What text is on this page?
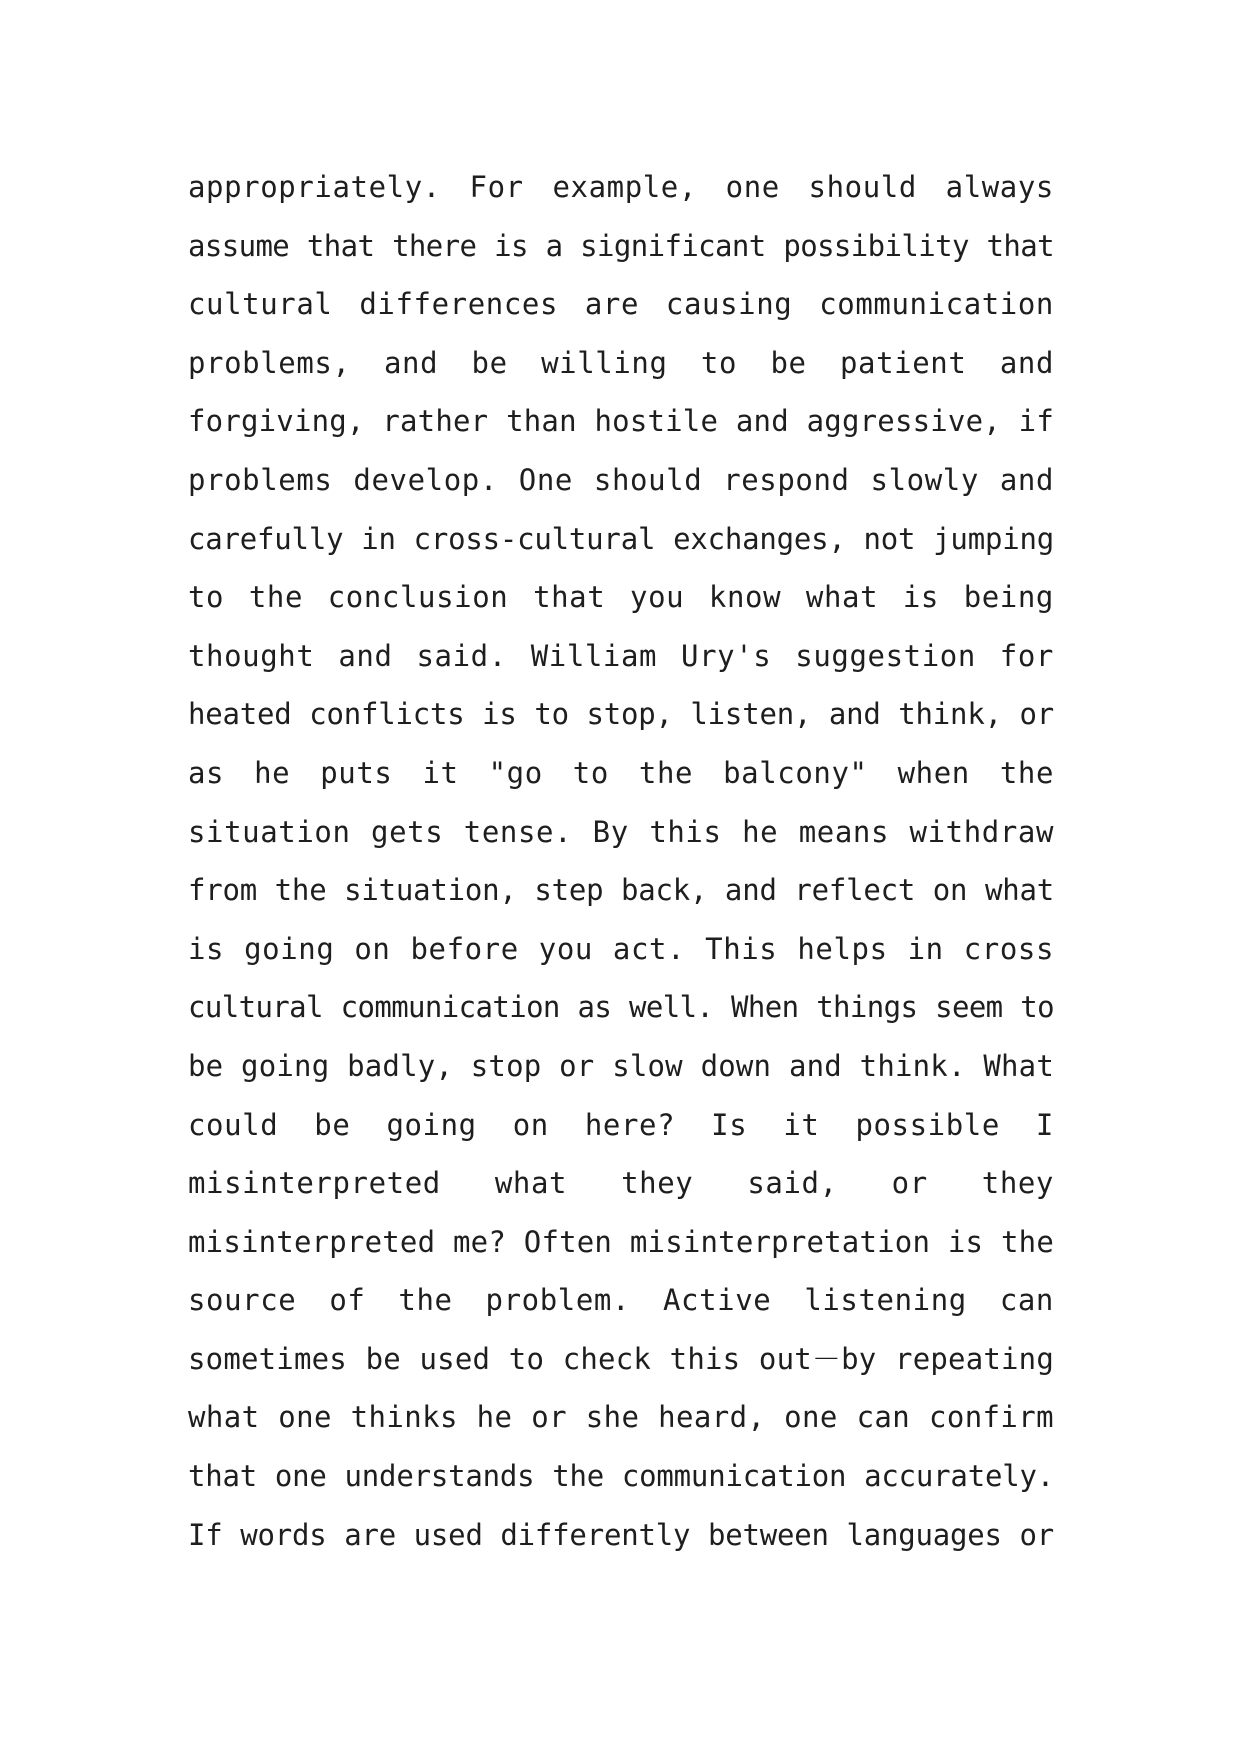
appropriately. For example, one should always
assume that there is a significant possibility that
cultural differences are causing communication
problems, and be willing to be patient and
forgiving, rather than hostile and aggressive, if
problems develop. One should respond slowly and
carefully in cross-cultural exchanges, not jumping
to the conclusion that you know what is being
thought and said. William Ury's suggestion for
heated conflicts is to stop, listen, and think, or
as he puts it "go to the balcony" when the
situation gets tense. By this he means withdraw
from the situation, step back, and reflect on what
is going on before you act. This helps in cross
cultural communication as well. When things seem to
be going badly, stop or slow down and think. What
could be going on here? Is it possible I
misinterpreted what they said, or they
misinterpreted me? Often misinterpretation is the
source of the problem. Active listening can
sometimes be used to check this out－by repeating
what one thinks he or she heard, one can confirm
that one understands the communication accurately.
If words are used differently between languages or
